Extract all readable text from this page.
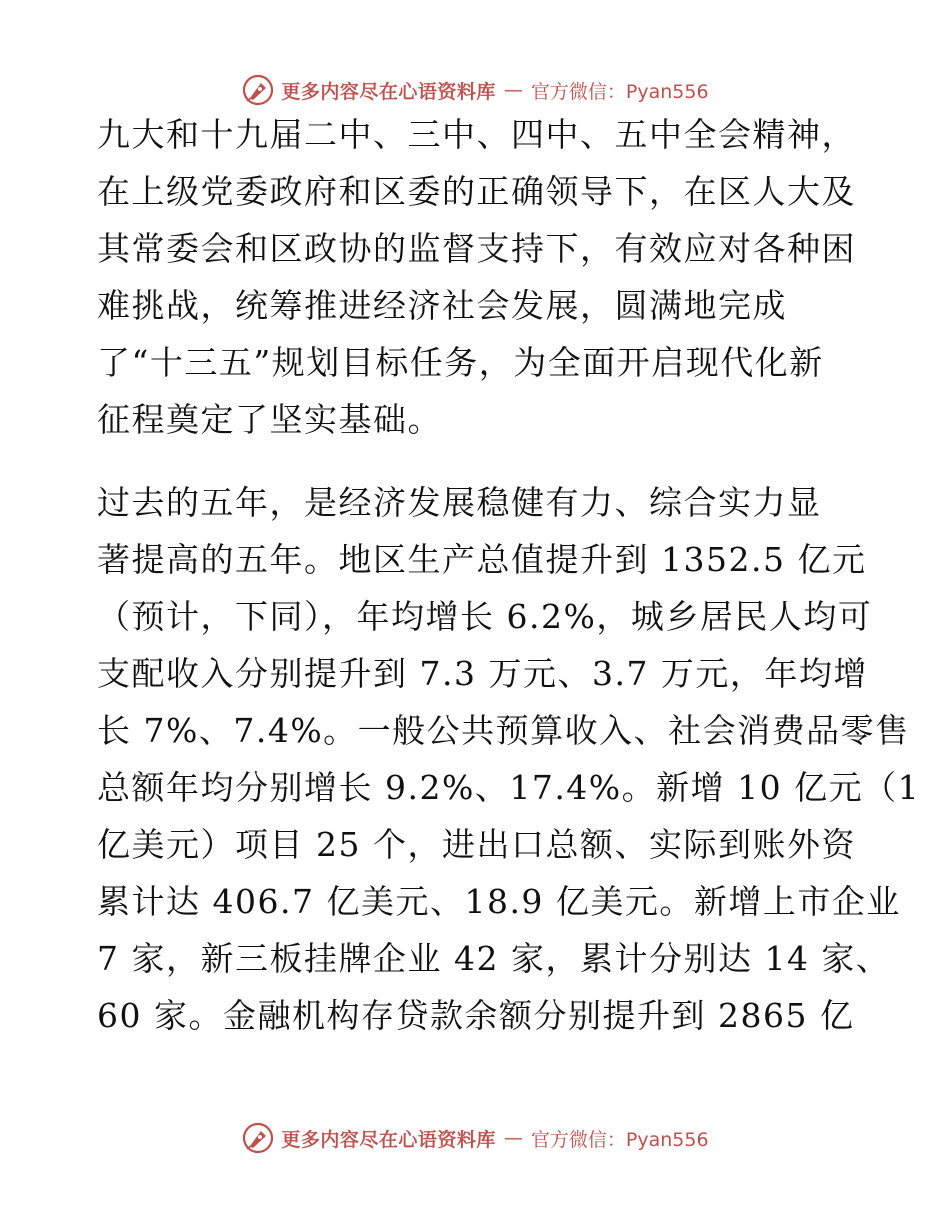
更多内容尽在心语资料库 — 官方微信：Pyan556
九大和十九届二中、三中、四中、五中全会精神，
在上级党委政府和区委的正确领导下，在区人大及
其常委会和区政协的监督支持下，有效应对各种困
难挑战，统筹推进经济社会发展，圆满地完成
了“十三五”规划目标任务，为全面开启现代化新
征程奠定了坚实基础。
过去的五年，是经济发展稳健有力、综合实力显
著提高的五年。地区生产总值提升到 1352.5 亿元
（预计，下同），年均增长 6.2%，城乡居民人均可
支配收入分别提升到 7.3 万元、3.7 万元，年均增
长 7%、7.4%。一般公共预算收入、社会消费品零售
总额年均分别增长 9.2%、17.4%。新增 10 亿元（1
亿美元）项目 25 个，进出口总额、实际到账外资
累计达 406.7 亿美元、18.9 亿美元。新增上市企业
7 家，新三板挂牌企业 42 家，累计分别达 14 家、
60 家。金融机构存贷款余额分别提升到 2865 亿
更多内容尽在心语资料库 — 官方微信：Pyan556
